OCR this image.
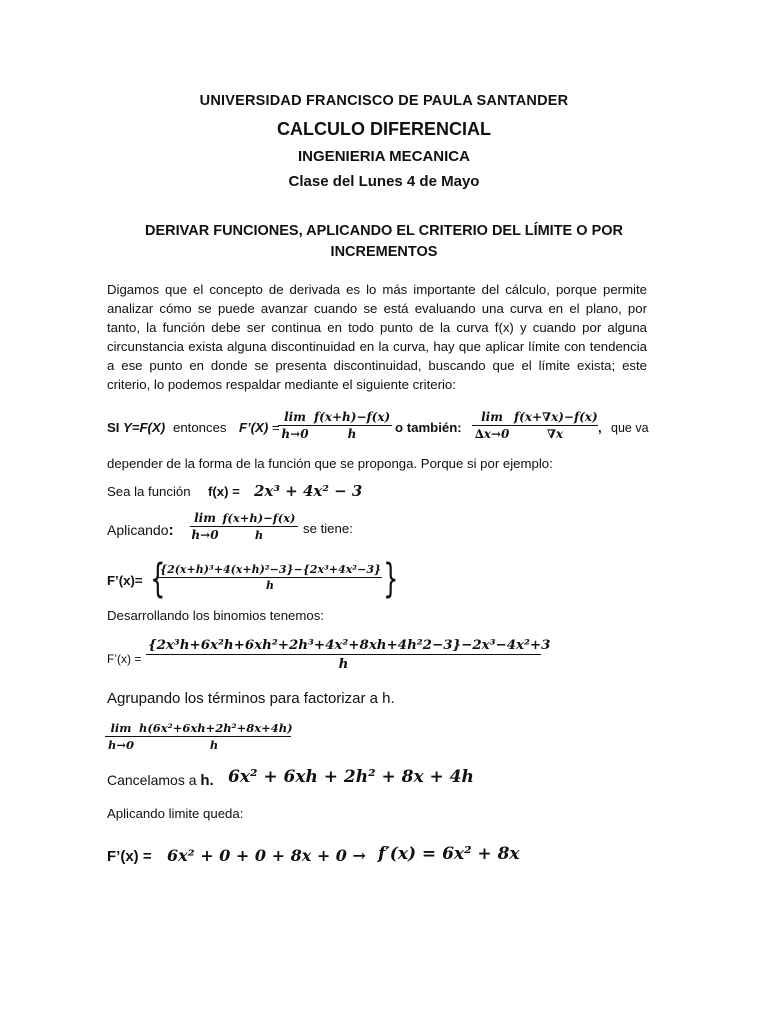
UNIVERSIDAD FRANCISCO DE PAULA SANTANDER
CALCULO DIFERENCIAL
INGENIERIA MECANICA
Clase del Lunes 4 de Mayo
DERIVAR FUNCIONES, APLICANDO EL CRITERIO DEL LÍMITE O POR INCREMENTOS
Digamos que el concepto de derivada es lo más importante del cálculo, porque permite analizar cómo se puede avanzar cuando se está evaluando una curva en el plano, por tanto, la función debe ser continua en todo punto de la curva f(x) y cuando por alguna circunstancia exista alguna discontinuidad en la curva, hay que aplicar límite con tendencia a ese punto en donde se presenta discontinuidad, buscando que el límite exista; este criterio, lo podemos respaldar mediante el siguiente criterio:
SI Y=F(X) entonces F’(X) =
$\frac{\lim}{h\to 0} \frac{f(x+h)-f(x)}{h}$ o también: $\frac{\lim}{\Delta x\to 0} \frac{f(x+\nabla x)-f(x)}{\nabla x}$ , que va
depender de la forma de la función que se proponga. Porque si por ejemplo:
Sea la función f(x) = 2x³ + 4x² − 3
Aplicando: $\frac{\lim}{h\to 0} \frac{f(x+h)-f(x)}{h}$ se tiene:
F’(x)= {
$\frac{\text{\{2(x+h)³+4(x+h)²−3\}−\{2x³+4x²−3\}}}{h}$ }
Desarrollando los binomios tenemos:
F’(x) = $\frac{\text{\{2x³h+6x²h+6xh²+2h³+4x²+8xh+4h²2−3\}−2x³−4x²+3}}{h}$
Agrupando los términos para factorizar a h.
$\frac{\lim}{h\to 0} \frac{\text{h(6x²+6xh+2h²+8x+4h)}}{h}$
Cancelamos a h. 6x² + 6xh + 2h² + 8x + 4h
Aplicando limite queda:
F’(x) = 6x² + 0 + 0 + 8x + 0 → f′(x) = 6x² + 8x
